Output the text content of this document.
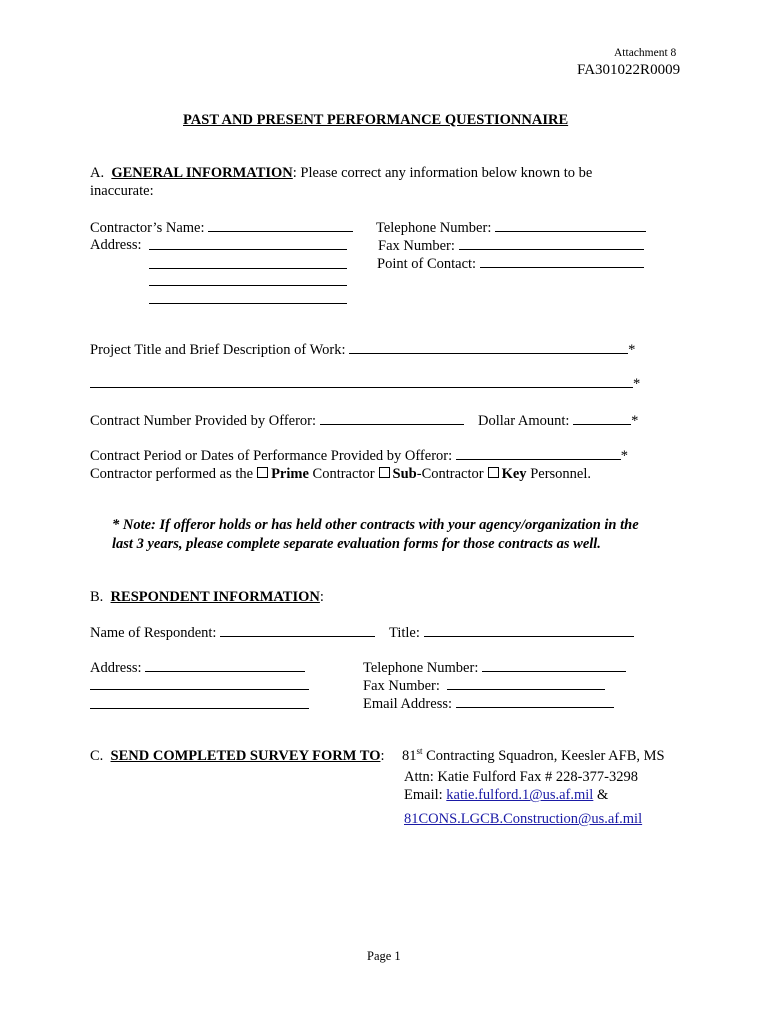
Attachment 8
FA301022R0009
PAST AND PRESENT PERFORMANCE QUESTIONNAIRE
A. GENERAL INFORMATION: Please correct any information below known to be
inaccurate:
Contractor’s Name:
Address:
Telephone Number:
Fax Number:
Point of Contact:
Project Title and Brief Description of Work:	*
*
Contract Number Provided by Offeror:	Dollar Amount:	*
Contract Period or Dates of Performance Provided by Offeror:	*
Contractor performed as the Prime Contractor Sub-Contractor Key Personnel.
* Note: If offeror holds or has held other contracts with your agency/organization in the
last 3 years, please complete separate evaluation forms for those contracts as well.
B. RESPONDENT INFORMATION:
Name of Respondent:	Title:
Address:	Telephone Number:
Fax Number:
Email Address:
C. SEND COMPLETED SURVEY FORM TO: 81st Contracting Squadron, Keesler AFB, MS
Attn: Katie Fulford Fax # 228-377-3298
Email: katie.fulford.1@us.af.mil &
81CONS.LGCB.Construction@us.af.mil
Page 1
